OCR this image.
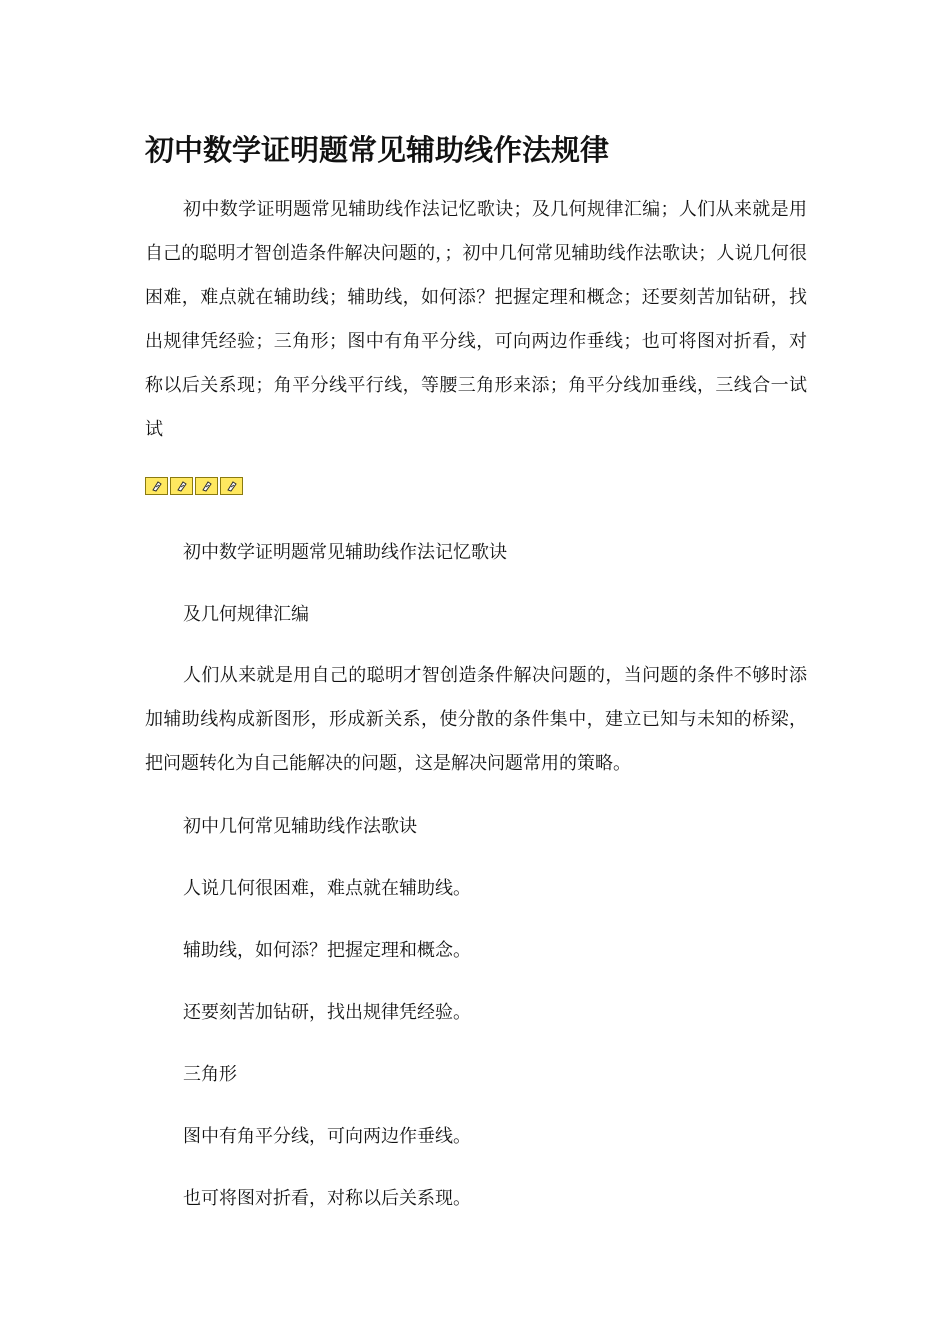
初中数学证明题常见辅助线作法规律

初中数学证明题常见辅助线作法记忆歌诀；及几何规律汇编；人们从来就是用自己的聪明才智创造条件解决问题的，；初中几何常见辅助线作法歌诀；人说几何很困难，难点就在辅助线；辅助线，如何添？把握定理和概念；还要刻苦加钻研，找出规律凭经验；三角形；图中有角平分线，可向两边作垂线；也可将图对折看，对称以后关系现；角平分线平行线，等腰三角形来添；角平分线加垂线，三线合一试试

初中数学证明题常见辅助线作法记忆歌诀

及几何规律汇编

人们从来就是用自己的聪明才智创造条件解决问题的，当问题的条件不够时添加辅助线构成新图形，形成新关系，使分散的条件集中，建立已知与未知的桥梁，把问题转化为自己能解决的问题，这是解决问题常用的策略。

初中几何常见辅助线作法歌诀

人说几何很困难，难点就在辅助线。

辅助线，如何添？把握定理和概念。

还要刻苦加钻研，找出规律凭经验。

三角形

图中有角平分线，可向两边作垂线。

也可将图对折看，对称以后关系现。
